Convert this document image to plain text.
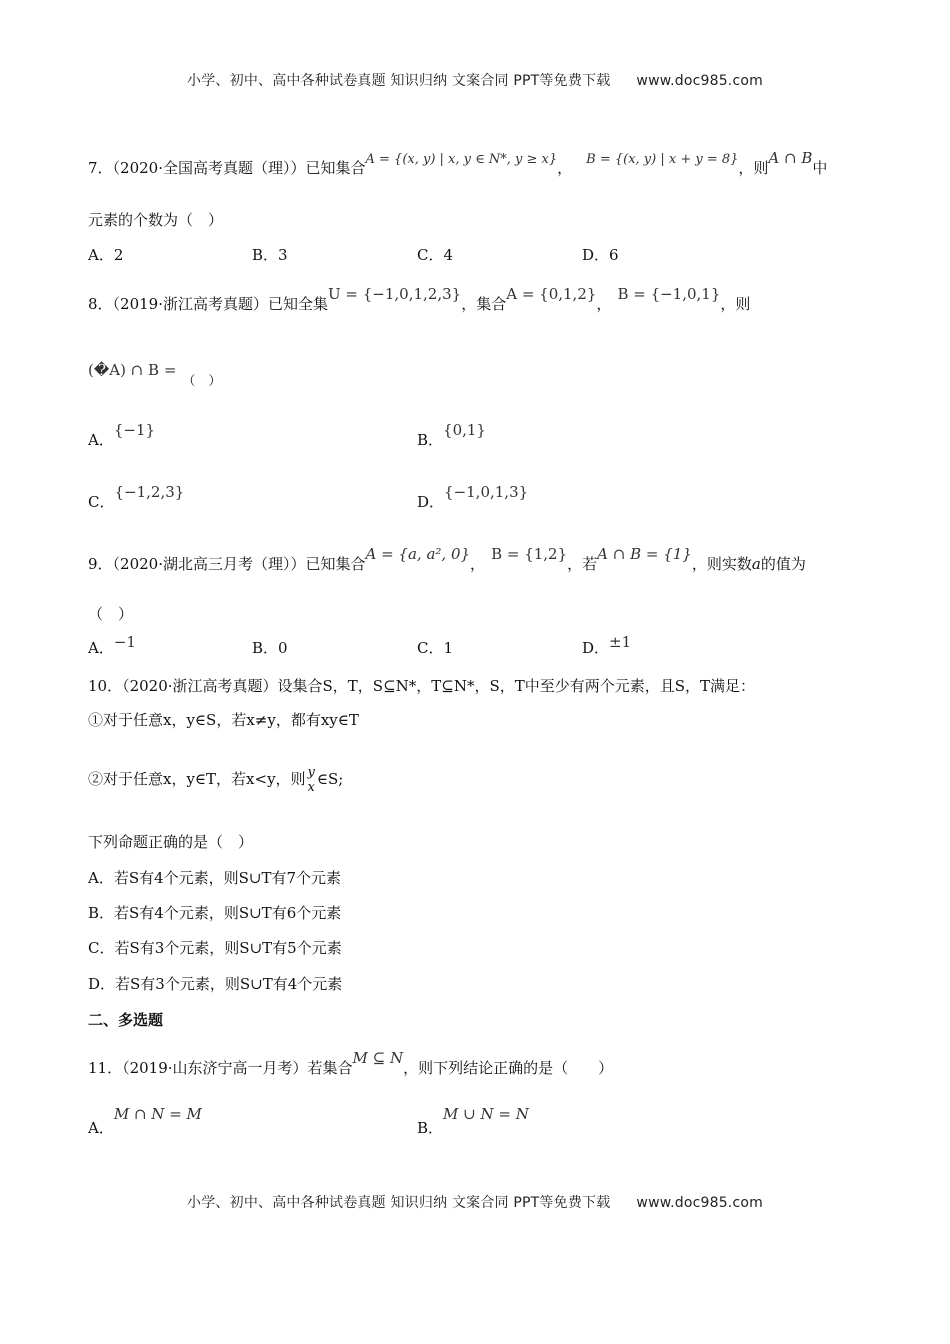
小学、初中、高中各种试卷真题 知识归纳 文案合同 PPT等免费下载 www.doc985.com
7．（2020·全国高考真题（理））已知集合A = {(x, y) | x, y ∈ N*, y ≥ x}， B = {(x, y) | x + y = 8}，则A ∩ B中
元素的个数为（　）
A．2	B．3	C．4	D．6
8．（2019·浙江高考真题）已知全集U = {−1,0,1,2,3}，集合A = {0,1,2}，B = {−1,0,1}，则
(�A) ∩ B =（　）
A．{−1}
B．{0,1}
C．{−1,2,3}
D．{−1,0,1,3}
9．（2020·湖北高三月考（理））已知集合A = {a, a², 0}，B = {1,2}，若A ∩ B = {1}，则实数a的值为
（　）
A．−1	B．0	C．1	D．±1
10．（2020·浙江高考真题）设集合S，T，S⊆N*，T⊆N*，S，T中至少有两个元素，且S，T满足：
①对于任意x，y∈S，若x≠y，都有xy∈T
②对于任意x，y∈T，若x<y，则 y
x ∈S;
下列命题正确的是（　）
A．若S有4个元素，则S∪T有7个元素
B．若S有4个元素，则S∪T有6个元素
C．若S有3个元素，则S∪T有5个元素
D．若S有3个元素，则S∪T有4个元素
二、多选题
11．（2019·山东济宁高一月考）若集合M ⊆ N，则下列结论正确的是（　　）
A．M ∩ N = M
B．M ∪ N = N
小学、初中、高中各种试卷真题 知识归纳 文案合同 PPT等免费下载 www.doc985.com
